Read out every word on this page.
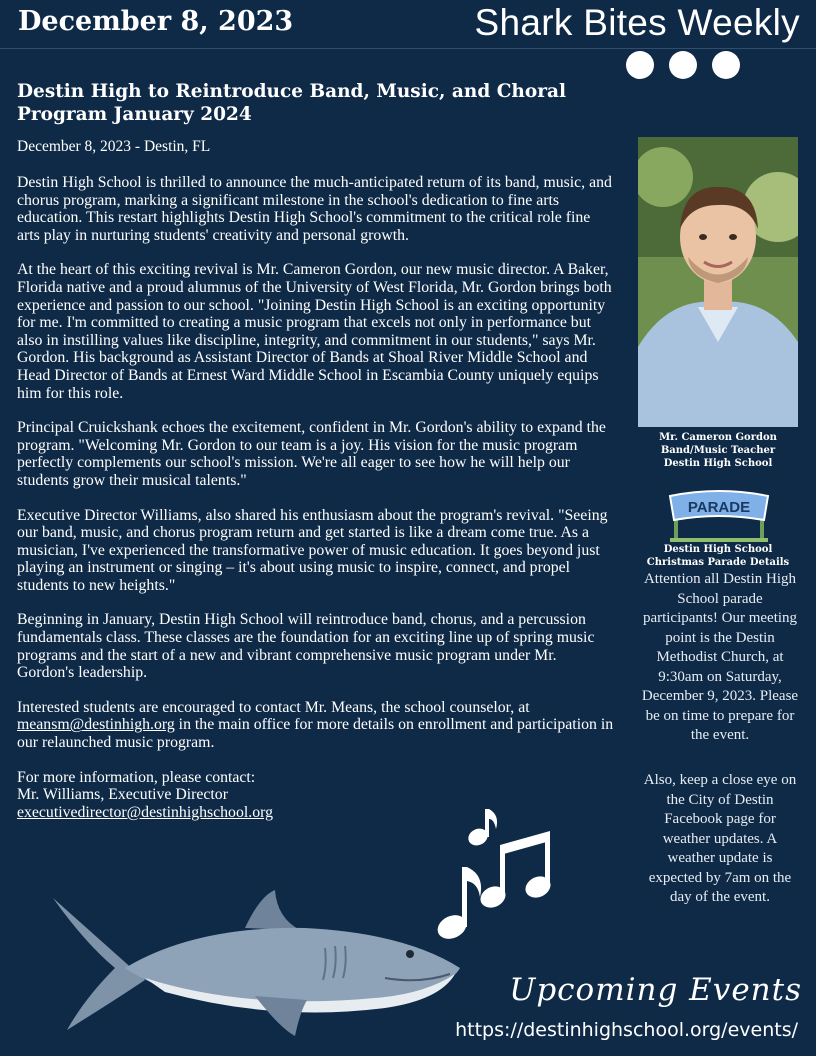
December 8, 2023	Shark Bites Weekly
Destin High to Reintroduce Band, Music, and Choral Program January 2024
December 8, 2023 - Destin, FL

Destin High School is thrilled to announce the much-anticipated return of its band, music, and chorus program, marking a significant milestone in the school's dedication to fine arts education. This restart highlights Destin High School's commitment to the critical role fine arts play in nurturing students' creativity and personal growth.

At the heart of this exciting revival is Mr. Cameron Gordon, our new music director. A Baker, Florida native and a proud alumnus of the University of West Florida, Mr. Gordon brings both experience and passion to our school. "Joining Destin High School is an exciting opportunity for me. I'm committed to creating a music program that excels not only in performance but also in instilling values like discipline, integrity, and commitment in our students," says Mr. Gordon. His background as Assistant Director of Bands at Shoal River Middle School and Head Director of Bands at Ernest Ward Middle School in Escambia County uniquely equips him for this role.

Principal Cruickshank echoes the excitement, confident in Mr. Gordon's ability to expand the program. "Welcoming Mr. Gordon to our team is a joy. His vision for the music program perfectly complements our school's mission. We're all eager to see how he will help our students grow their musical talents."

Executive Director Williams, also shared his enthusiasm about the program's revival. "Seeing our band, music, and chorus program return and get started is like a dream come true. As a musician, I've experienced the transformative power of music education. It goes beyond just playing an instrument or singing – it's about using music to inspire, connect, and propel students to new heights."

Beginning in January, Destin High School will reintroduce band, chorus, and a percussion fundamentals class. These classes are the foundation for an exciting line up of spring music programs and the start of a new and vibrant comprehensive music program under Mr. Gordon's leadership.

Interested students are encouraged to contact Mr. Means, the school counselor, at meansm@destinhigh.org in the main office for more details on enrollment and participation in our relaunched music program.

For more information, please contact:
Mr. Williams, Executive Director
executivedirector@destinhighschool.org

Mr. Cameron Gordon
Band/Music Teacher
Destin High School
PARADE
Destin High School
Christmas Parade Details
Attention all Destin High School parade participants! Our meeting point is the Destin Methodist Church, at 9:30am on Saturday, December 9, 2023. Please be on time to prepare for the event.
Also, keep a close eye on the City of Destin Facebook page for weather updates. A weather update is expected by 7am on the day of the event.
Upcoming Events
https://destinhighschool.org/events/
